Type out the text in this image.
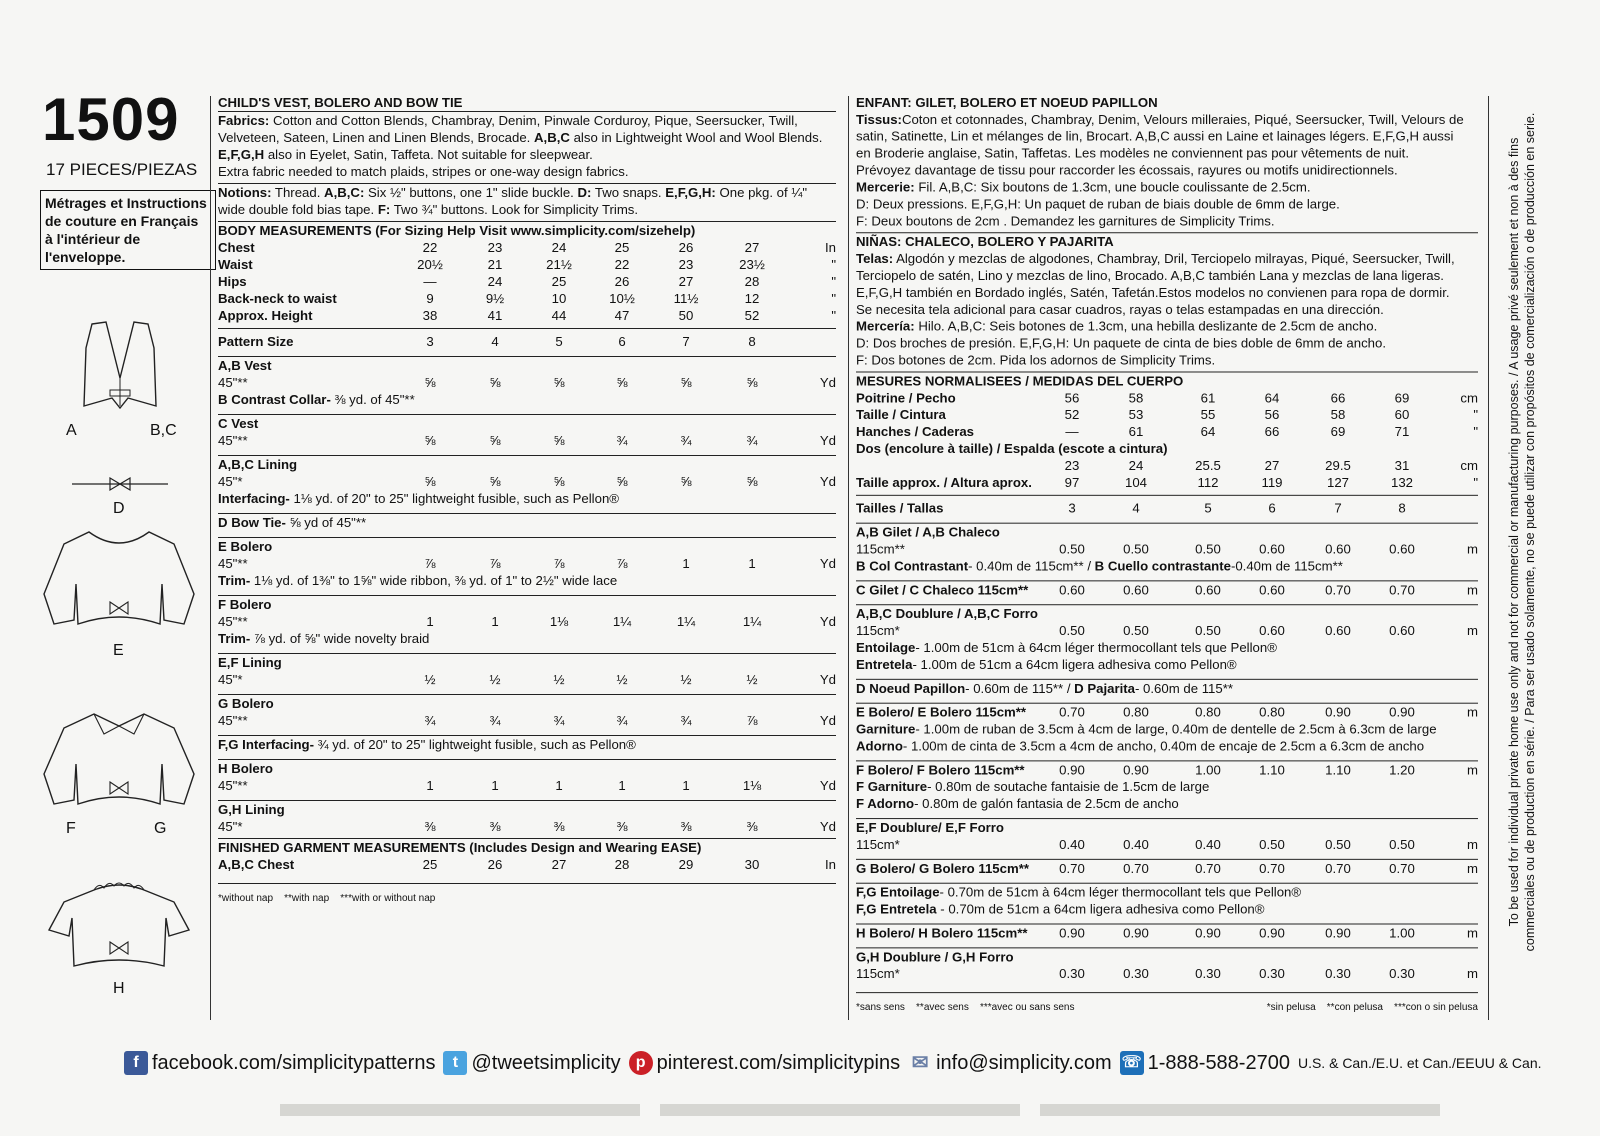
1509
17 PIECES/PIEZAS
Métrages et Instructions
de couture en Français
à l'intérieur de
l'enveloppe.
A	B,C
D
E
F	G
H
CHILD'S VEST, BOLERO AND BOW TIE
Fabrics: Cotton and Cotton Blends, Chambray, Denim, Pinwale Corduroy, Pique, Seersucker, Twill, Velveteen, Sateen, Linen and Linen Blends, Brocade. A,B,C also in Lightweight Wool and Wool Blends. E,F,G,H also in Eyelet, Satin, Taffeta. Not suitable for sleepwear.
Extra fabric needed to match plaids, stripes or one-way design fabrics.
Notions: Thread. A,B,C: Six ½" buttons, one 1" slide buckle. D: Two snaps. E,F,G,H: One pkg. of ¼" wide double fold bias tape. F: Two ¾" buttons. Look for Simplicity Trims.
BODY MEASUREMENTS (For Sizing Help Visit www.simplicity.com/sizehelp)
Chest	22	23	24	25	26	27	In
Waist	20½	21	21½	22	23	23½	"
Hips	—	24	25	26	27	28	"
Back-neck to waist	9	9½	10	10½	11½	12	"
Approx. Height	38	41	44	47	50	52	"
Pattern Size	3	4	5	6	7	8
A,B Vest
45"**	⅝	⅝	⅝	⅝	⅝	⅝	Yd
B Contrast Collar- ⅜ yd. of 45"**
C Vest
45"**	⅝	⅝	⅝	¾	¾	¾	Yd
A,B,C Lining
45"*	⅝	⅝	⅝	⅝	⅝	⅝	Yd
Interfacing- 1⅛ yd. of 20" to 25" lightweight fusible, such as Pellon®
D Bow Tie- ⅝ yd of 45"**
E Bolero
45"**	⅞	⅞	⅞	⅞	1	1	Yd
Trim- 1⅛ yd. of 1⅜" to 1⅝" wide ribbon, ⅜ yd. of 1" to 2½" wide lace
F Bolero
45"**	1	1	1⅛	1¼	1¼	1¼	Yd
Trim- ⅞ yd. of ⅝" wide novelty braid
E,F Lining
45"*	½	½	½	½	½	½	Yd
G Bolero
45"**	¾	¾	¾	¾	¾	⅞	Yd
F,G Interfacing- ¾ yd. of 20" to 25" lightweight fusible, such as Pellon®
H Bolero
45"**	1	1	1	1	1	1⅛	Yd
G,H Lining
45"*	⅜	⅜	⅜	⅜	⅜	⅜	Yd
FINISHED GARMENT MEASUREMENTS (Includes Design and Wearing EASE)
A,B,C Chest	25	26	27	28	29	30	In
*without nap    **with nap    ***with or without nap
ENFANT: GILET, BOLERO ET NOEUD PAPILLON
Tissus:Coton et cotonnades, Chambray, Denim, Velours milleraies, Piqué, Seersucker, Twill, Velours de
satin, Satinette, Lin et mélanges de lin, Brocart. A,B,C aussi en Laine et lainages légers. E,F,G,H aussi
en Broderie anglaise, Satin, Taffetas. Les modèles ne conviennent pas pour vêtements de nuit.
Prévoyez davantage de tissu pour raccorder les écossais, rayures ou motifs unidirectionnels.
Mercerie: Fil. A,B,C: Six boutons de 1.3cm, une boucle coulissante de 2.5cm.
D: Deux pressions. E,F,G,H: Un paquet de ruban de biais double de 6mm de large.
F: Deux boutons de 2cm . Demandez les garnitures de Simplicity Trims.
NIÑAS: CHALECO, BOLERO Y PAJARITA
Telas: Algodón y mezclas de algodones, Chambray, Dril, Terciopelo milrayas, Piqué, Seersucker, Twill,
Terciopelo de satén, Lino y mezclas de lino, Brocado. A,B,C también Lana y mezclas de lana ligeras.
E,F,G,H también en Bordado inglés, Satén, Tafetán.Estos modelos no convienen para ropa de dormir.
Se necesita tela adicional para casar cuadros, rayas o telas estampadas en una dirección.
Mercería: Hilo. A,B,C: Seis botones de 1.3cm, una hebilla deslizante de 2.5cm de ancho.
D: Dos broches de presión. E,F,G,H: Un paquete de cinta de bies doble de 6mm de ancho.
F: Dos botones de 2cm. Pida los adornos de Simplicity Trims.
MESURES NORMALISEES / MEDIDAS DEL CUERPO
Poitrine / Pecho	56	58	61	64	66	69	cm
Taille / Cintura	52	53	55	56	58	60	"
Hanches / Caderas	—	61	64	66	69	71	"
Dos (encolure à taille) / Espalda (escote a cintura)
23	24	25.5	27	29.5	31	cm
Taille approx. / Altura aprox.	97	104	112	119	127	132	"
Tailles / Tallas	3	4	5	6	7	8
A,B Gilet / A,B Chaleco
115cm**	0.50	0.50	0.50	0.60	0.60	0.60	m
B Col Contrastant- 0.40m de 115cm** / B Cuello contrastante-0.40m de 115cm**
C Gilet / C Chaleco 115cm**	0.60	0.60	0.60	0.60	0.70	0.70	m
A,B,C Doublure / A,B,C Forro
115cm*	0.50	0.50	0.50	0.60	0.60	0.60	m
Entoilage- 1.00m de 51cm à 64cm léger thermocollant tels que Pellon®
Entretela- 1.00m de 51cm a 64cm ligera adhesiva como Pellon®
D Noeud Papillon- 0.60m de 115** / D Pajarita- 0.60m de 115**
E Bolero/ E Bolero 115cm**	0.70	0.80	0.80	0.80	0.90	0.90	m
Garniture- 1.00m de ruban de 3.5cm à 4cm de large, 0.40m de dentelle de 2.5cm à 6.3cm de large
Adorno- 1.00m de cinta de 3.5cm a 4cm de ancho, 0.40m de encaje de 2.5cm a 6.3cm de ancho
F Bolero/ F Bolero 115cm**	0.90	0.90	1.00	1.10	1.10	1.20	m
F Garniture- 0.80m de soutache fantaisie de 1.5cm de large
F Adorno- 0.80m de galón fantasia de 2.5cm de ancho
E,F Doublure/ E,F Forro
115cm*	0.40	0.40	0.40	0.50	0.50	0.50	m
G Bolero/ G Bolero 115cm**	0.70	0.70	0.70	0.70	0.70	0.70	m
F,G Entoilage- 0.70m de 51cm à 64cm léger thermocollant tels que Pellon®
F,G Entretela - 0.70m de 51cm a 64cm ligera adhesiva como Pellon®
H Bolero/ H Bolero 115cm**	0.90	0.90	0.90	0.90	0.90	1.00	m
G,H Doublure / G,H Forro
115cm*	0.30	0.30	0.30	0.30	0.30	0.30	m
*sans sens    **avec sens    ***avec ou sans sens	*sin pelusa    **con pelusa    ***con o sin pelusa
To be used for individual private home use only and not for commercial or manufacturing purposes. / A usage privé seulement et non à des fins commerciales ou de production en série. / Para ser usado solamente, no se puede utilizar con propósitos de comercialización o de producción en serie.
f facebook.com/simplicitypatterns	t @tweetsimplicity p pinterest.com/simplicitypins ✉ info@simplicity.com ☏ 1-888-588-2700 U.S. & Can./E.U. et Can./EEUU & Can.
